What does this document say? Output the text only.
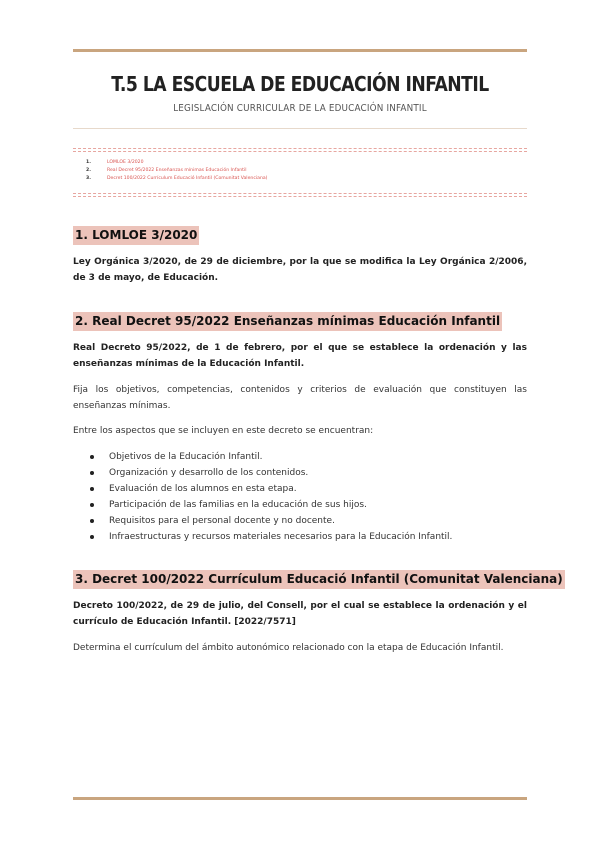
T.5 LA ESCUELA DE EDUCACIÓN INFANTIL
LEGISLACIÓN CURRICULAR DE LA EDUCACIÓN INFANTIL
1.	LOMLOE 3/2020
2.	Real Decret 95/2022 Enseñanzas mínimas Educación Infantil
3.	Decret 100/2022 Currículum Educació Infantil (Comunitat Valenciana)
1. LOMLOE 3/2020

Ley Orgánica 3/2020, de 29 de diciembre, por la que se modifica la Ley Orgánica 2/2006, de 3 de mayo, de Educación.

2. Real Decret 95/2022 Enseñanzas mínimas Educación Infantil

Real Decreto 95/2022, de 1 de febrero, por el que se establece la ordenación y las enseñanzas mínimas de la Educación Infantil.

Fija los objetivos, competencias, contenidos y criterios de evaluación que constituyen las enseñanzas mínimas.

Entre los aspectos que se incluyen en este decreto se encuentran:

Objetivos de la Educación Infantil.
Organización y desarrollo de los contenidos.
Evaluación de los alumnos en esta etapa.
Participación de las familias en la educación de sus hijos.
Requisitos para el personal docente y no docente.
Infraestructuras y recursos materiales necesarios para la Educación Infantil.
3. Decret 100/2022 Currículum Educació Infantil (Comunitat Valenciana)

Decreto 100/2022, de 29 de julio, del Consell, por el cual se establece la ordenación y el currículo de Educación Infantil. [2022/7571]

Determina el currículum del ámbito autonómico relacionado con la etapa de Educación Infantil.
